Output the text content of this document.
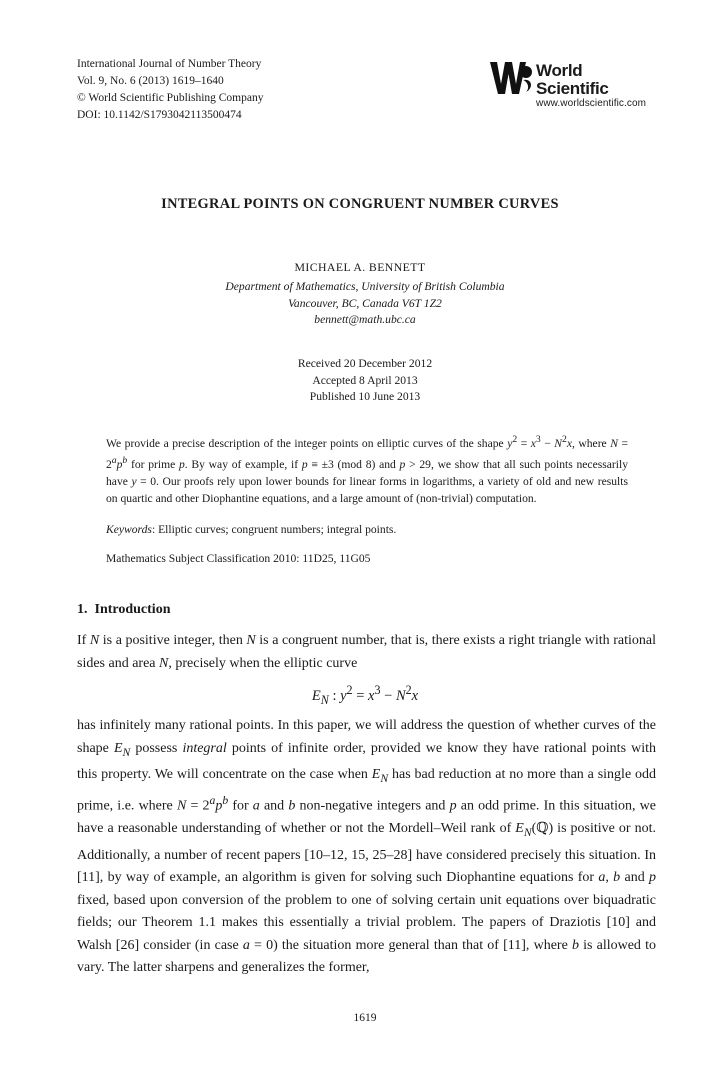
International Journal of Number Theory
Vol. 9, No. 6 (2013) 1619–1640
© World Scientific Publishing Company
DOI: 10.1142/S1793042113500474
World Scientific
www.worldscientific.com
INTEGRAL POINTS ON CONGRUENT NUMBER CURVES
MICHAEL A. BENNETT
Department of Mathematics, University of British Columbia
Vancouver, BC, Canada V6T 1Z2
bennett@math.ubc.ca
Received 20 December 2012
Accepted 8 April 2013
Published 10 June 2013
We provide a precise description of the integer points on elliptic curves of the shape $y^2 = x^3 - N^2x$, where $N = 2^ap^b$ for prime p. By way of example, if p ≡ ±3 (mod 8) and p > 29, we show that all such points necessarily have y = 0. Our proofs rely upon lower bounds for linear forms in logarithms, a variety of old and new results on quartic and other Diophantine equations, and a large amount of (non-trivial) computation.
Keywords: Elliptic curves; congruent numbers; integral points.
Mathematics Subject Classification 2010: 11D25, 11G05
1. Introduction
If N is a positive integer, then N is a congruent number, that is, there exists a right triangle with rational sides and area N, precisely when the elliptic curve
$E_N$ : $y^2 = x^3 - N^2x$
has infinitely many rational points. In this paper, we will address the question of whether curves of the shape $E_N$ possess integral points of infinite order, provided we know they have rational points with this property. We will concentrate on the case when $E_N$ has bad reduction at no more than a single odd prime, i.e. where $N = 2^ap^b$ for a and b non-negative integers and p an odd prime. In this situation, we have a reasonable understanding of whether or not the Mordell–Weil rank of $E_N(ℚ)$ is positive or not. Additionally, a number of recent papers [10–12, 15, 25–28] have considered precisely this situation. In [11], by way of example, an algorithm is given for solving such Diophantine equations for a, b and p fixed, based upon conversion of the problem to one of solving certain unit equations over biquadratic fields; our Theorem 1.1 makes this essentially a trivial problem. The papers of Draziotis [10] and Walsh [26] consider (in case a = 0) the situation more general than that of [11], where b is allowed to vary. The latter sharpens and generalizes the former,
1619
